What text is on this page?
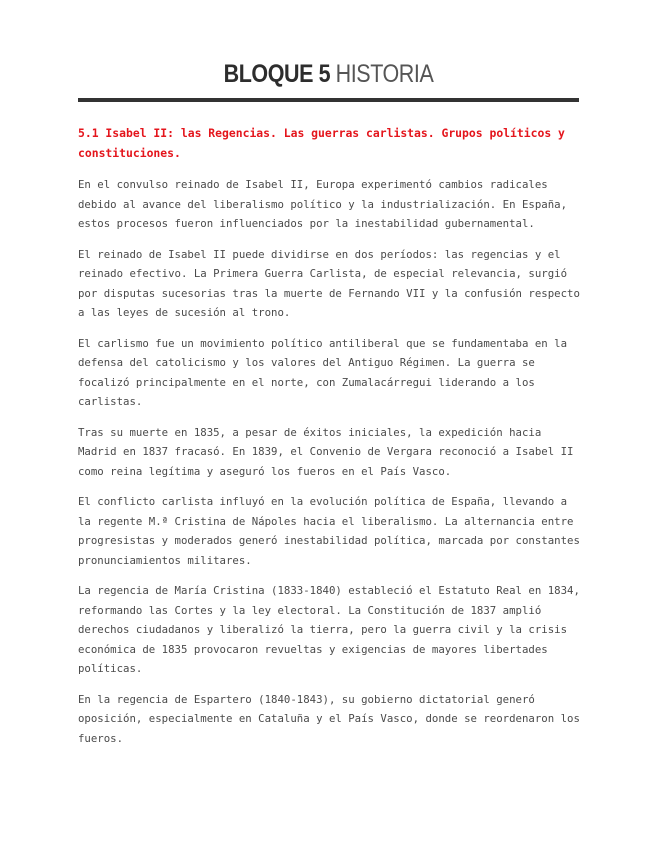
BLOQUE 5 HISTORIA
5.1 Isabel II: las Regencias. Las guerras carlistas. Grupos políticos y constituciones.

En el convulso reinado de Isabel II, Europa experimentó cambios radicales debido al avance del liberalismo político y la industrialización. En España, estos procesos fueron influenciados por la inestabilidad gubernamental.

El reinado de Isabel II puede dividirse en dos períodos: las regencias y el reinado efectivo. La Primera Guerra Carlista, de especial relevancia, surgió por disputas sucesorias tras la muerte de Fernando VII y la confusión respecto a las leyes de sucesión al trono.

El carlismo fue un movimiento político antiliberal que se fundamentaba en la defensa del catolicismo y los valores del Antiguo Régimen. La guerra se focalizó principalmente en el norte, con Zumalacárregui liderando a los carlistas.

Tras su muerte en 1835, a pesar de éxitos iniciales, la expedición hacia Madrid en 1837 fracasó. En 1839, el Convenio de Vergara reconoció a Isabel II como reina legítima y aseguró los fueros en el País Vasco.

El conflicto carlista influyó en la evolución política de España, llevando a la regente M.ª Cristina de Nápoles hacia el liberalismo. La alternancia entre progresistas y moderados generó inestabilidad política, marcada por constantes pronunciamientos militares.

La regencia de María Cristina (1833-1840) estableció el Estatuto Real en 1834, reformando las Cortes y la ley electoral. La Constitución de 1837 amplió derechos ciudadanos y liberalizó la tierra, pero la guerra civil y la crisis económica de 1835 provocaron revueltas y exigencias de mayores libertades políticas.

En la regencia de Espartero (1840-1843), su gobierno dictatorial generó oposición, especialmente en Cataluña y el País Vasco, donde se reordenaron los fueros.
